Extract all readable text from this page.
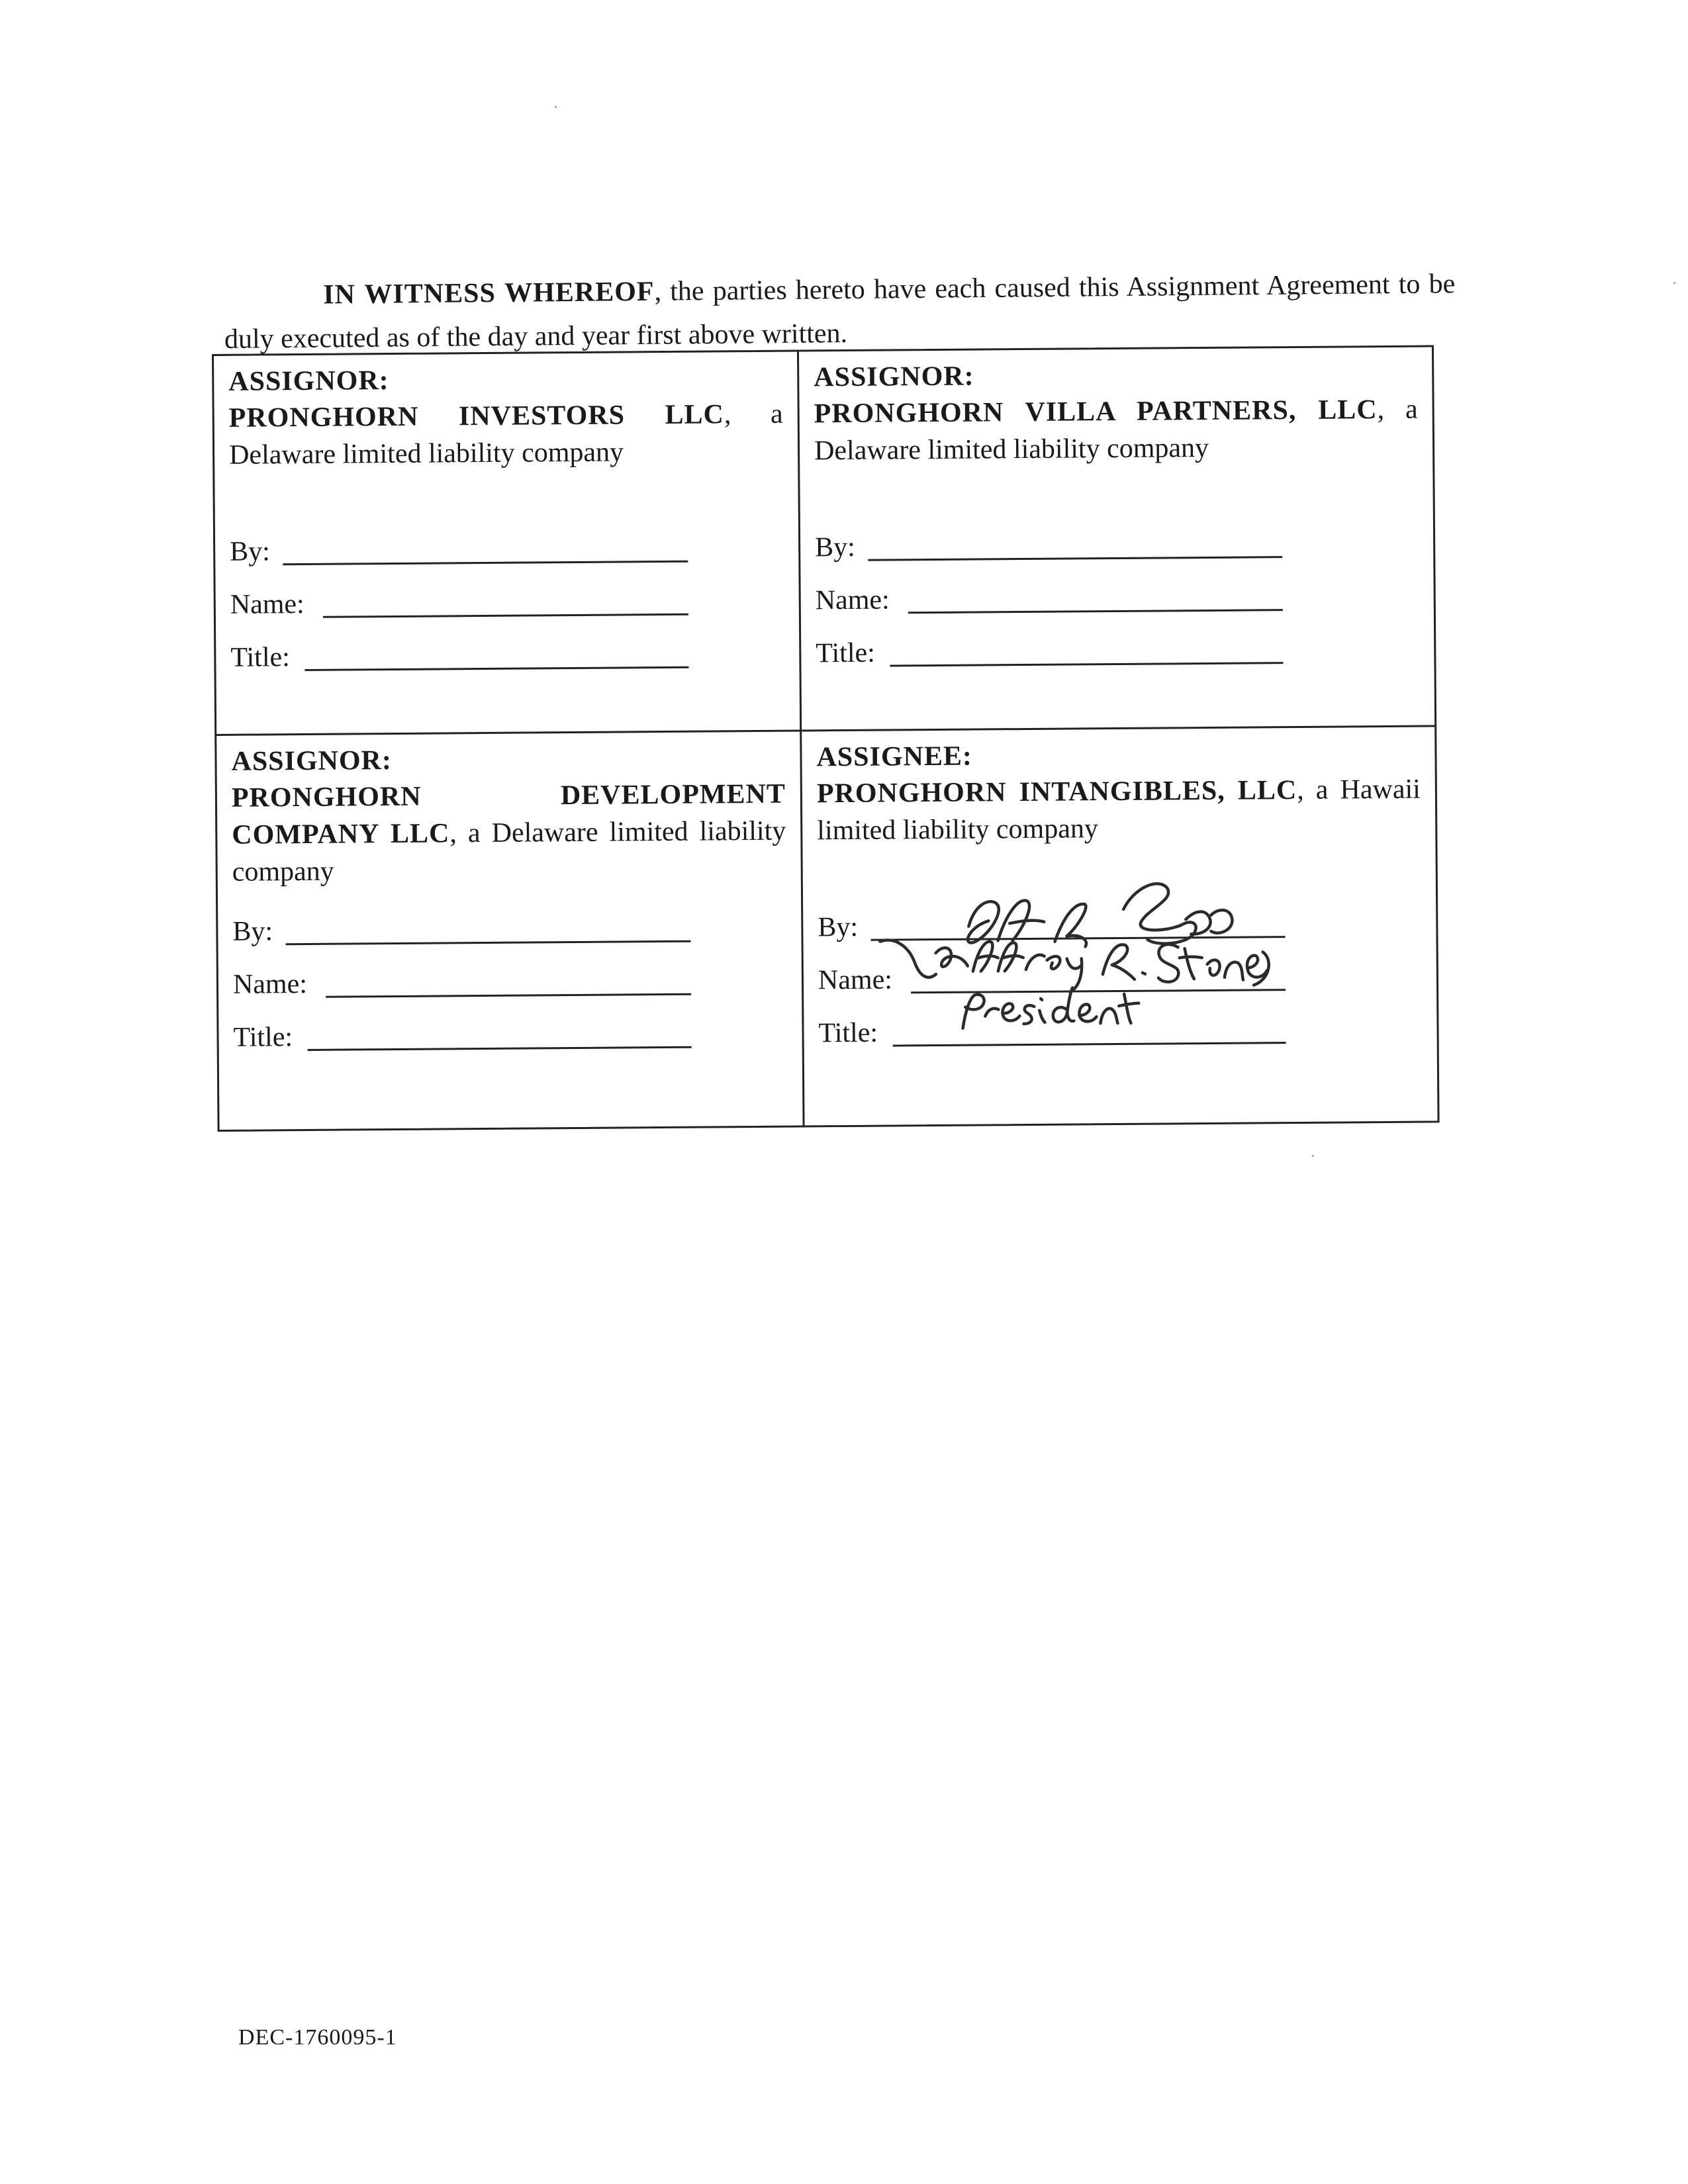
IN WITNESS WHEREOF, the parties hereto have each caused this Assignment Agreement to be duly executed as of the day and year first above written.

ASSIGNOR:
PRONGHORN INVESTORS LLC, a Delaware limited liability company
By:
Name:
Title:
ASSIGNOR:
PRONGHORN VILLA PARTNERS, LLC, a Delaware limited liability company
By:
Name:
Title:
ASSIGNOR:
PRONGHORN DEVELOPMENT COMPANY LLC, a Delaware limited liability company
By:
Name:
Title:
ASSIGNEE:
PRONGHORN INTANGIBLES, LLC, a Hawaii limited liability company
By:
Name:
Title:
DEC-1760095-1
